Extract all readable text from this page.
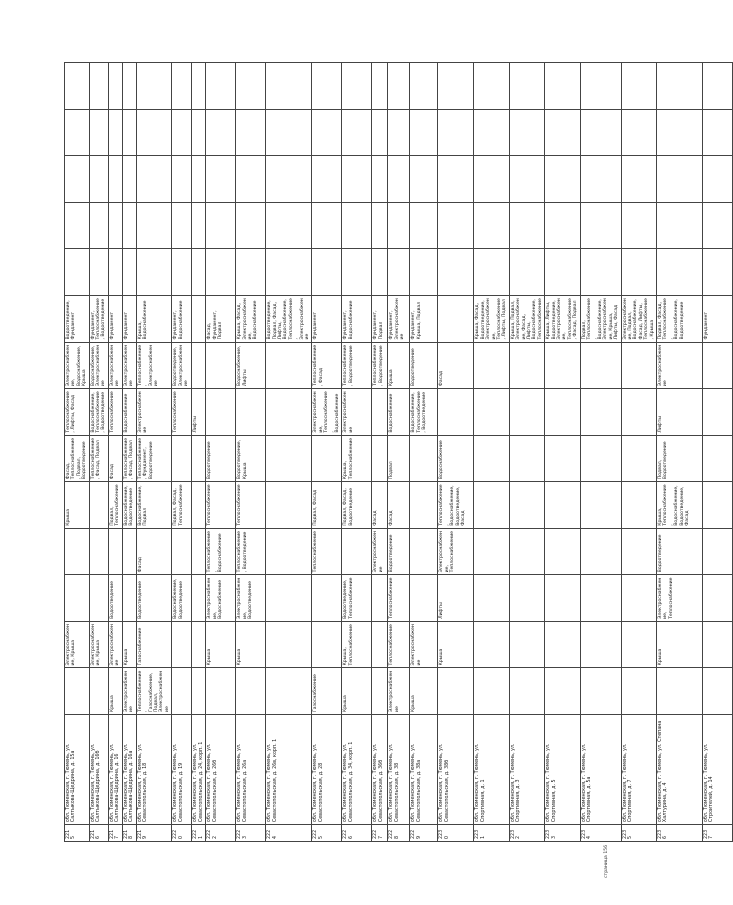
2215	обл. Тюменская, г. Тюмень, ул. Салтыкова-Щедрина, д. 15а		Электроснабжение, Крыша			Крыша	Фасад, Теплоснабжение, Подвал, Водоотведение	Теплоснабжение, Лифты, Фасад	Электроснабжение, Водоснабжение, Крыша	Водоотведение, Фундамент					
2216	обл. Тюменская, г. Тюмень, ул. Салтыкова-Щедрина, д. 16б		Электроснабжение, Крыша				Теплоснабжение, Фасад, Подвал	Водоснабжение, Теплоснабжение, Водоотведение	Водоснабжение, Электроснабжение	Фундамент, Теплоснабжение, Водоотведение					
2217	обл. Тюменская, г. Тюмень, ул. Салтыкова-Щедрина, д. 16	Крыша	Электроснабжение	Водоотведение		Подвал, Теплоснабжение	Фасад	Теплоснабжение	Электроснабжение	Фундамент					
2218	обл. Тюменская, г. Тюмень, ул. Салтыкова-Щедрина, д. 16а	Электроснабжение	Крыша			Водоснабжение, Водоотведение	Теплоснабжение, Фасад, Подвал	Водоснабжение	Электроснабжение	Фундамент					
2219	обл. Тюменская, г. Тюмень, ул. Севастопольская, д. 18	Теплоснабжение, Газоснабжение, Подвал, Электроснабжение	Газоснабжение	Водоотведение	Фасад	Водоснабжение, Подвал	Теплоснабжение, Фундамент, Водоотведение	Электроснабжение	Теплоснабжение, Электроснабжение	Крыша, Водоснабжение					
2220	обл. Тюменская, г. Тюмень, ул. Севастопольская, д. 19			Водоснабжение, Водоотведение		Подвал, Фасад, Теплоснабжение		Теплоснабжение	Водоотведение, Электроснабжение	Фундамент, Водоснабжение					
2221	обл. Тюменская, г. Тюмень, ул. Севастопольская, д. 24, корп. 1							Лифты							
2222	обл. Тюменская, г. Тюмень, ул. Севастопольская, д. 26б		Крыша	Электроснабжение, Водоснабжение	Теплоснабжение, Водоснабжение	Теплоснабжение	Водоотведение			Фасад, Фундамент, Подвал					
2223	обл. Тюменская, г. Тюмень, ул. Севастопольская, д. 26а		Крыша	Электроснабжение, Водоотведение	Теплоснабжение, Водоотведение	Теплоснабжение	Водоотведение, Крыша		Водоснабжение, Лифты	Крыша, Фасад, Электроснабжение, Водоснабжение					
2224	обл. Тюменская, г. Тюмень, ул. Севастопольская, д. 26в, корп. 1									Водоотведение, Подвал, Фасад, Лифты, Водоснабжение, Теплоснабжение, Электроснабжение					
2225	обл. Тюменская, г. Тюмень, ул. Севастопольская, д. 28	Газоснабжение			Теплоснабжение	Подвал, Фасад		Электроснабжение, Теплоснабжение, Водоснабжение	Теплоснабжение, Фасад	Фундамент					
2226	обл. Тюменская, г. Тюмень, ул. Севастопольская, д. 34, корп. 1	Крыша	Крыша, Теплоснабжение	Водоотведение, Теплоснабжение		Подвал, Фасад, Водоотведение	Крыша, Теплоснабжение	Электроснабжение	Теплоснабжение, Водоотведение	Фундамент, Водоснабжение					
2227	обл. Тюменская, г. Тюмень, ул. Севастопольская, д. 36б				Электроснабжение	Фасад			Теплоснабжение, Водоотведение	Фундамент, Подвал					
2228	обл. Тюменская, г. Тюмень, ул. Севастопольская, д. 38	Электроснабжение	Теплоснабжение	Теплоснабжение	Водоотведение	Фасад	Подвал	Водоснабжение	Крыша	Фундамент, Электроснабжение					
2229	обл. Тюменская, г. Тюмень, ул. Севастопольская, д. 38а	Крыша	Электроснабжение					Водоснабжение, Теплоснабжение, Водоотведение	Водоотведение	Фундамент, Крыша, Подвал					
2230	обл. Тюменская, г. Тюмень, ул. Севастопольская, д. 38б		Крыша	Лифты	Электроснабжение, Теплоснабжение	Теплоснабжение, Водоснабжение, Водоотведение, Фасад	Водоснабжение		Фасад						
2231	обл. Тюменская, г. Тюмень, ул. Спортивная, д. 1									Крыша, Фасад, Водоотведение, Электроснабжение, Теплоснабжение, Лифты, Подвал					
2232	обл. Тюменская, г. Тюмень, ул. Спортивная, д. 3									Крыша, Подвал, Электроснабжение, Фасад, Лифты, Водоснабжение, Теплоснабжение					
2233	обл. Тюменская, г. Тюмень, ул. Спортивная, д. 5									Крыша, Лифты, Водоотведение, Электроснабжение, Теплоснабжение, Фасад, Подвал					
2234	обл. Тюменская, г. Тюмень, ул. Спортивная, д. 5а									Подвал, Теплоснабжение, Водоснабжение, Электроснабжение, Крыша, Лифты, Фасад					
2235	обл. Тюменская, г. Тюмень, ул. Спортивная, д. 7									Электроснабжение, Подвал, Водоснабжение, Фасад, Лифты, Теплоснабжение, Крыша					
2236	обл. Тюменская, г. Тюмень, ул. Степана Халтурина, д. 4		Крыша	Электроснабжение, Теплоснабжение	Водоотведение	Крыша, Теплоснабжение, Водоснабжение, Водоотведение, Фасад	Подвал, Водоотведение	Лифты	Электроснабжение	Подвал, Фасад, Теплоснабжение, Водоснабжение, Водоотведение					
2237	обл. Тюменская, г. Тюмень, ул. Строителей, д. 14									Фундамент					
страница 156
